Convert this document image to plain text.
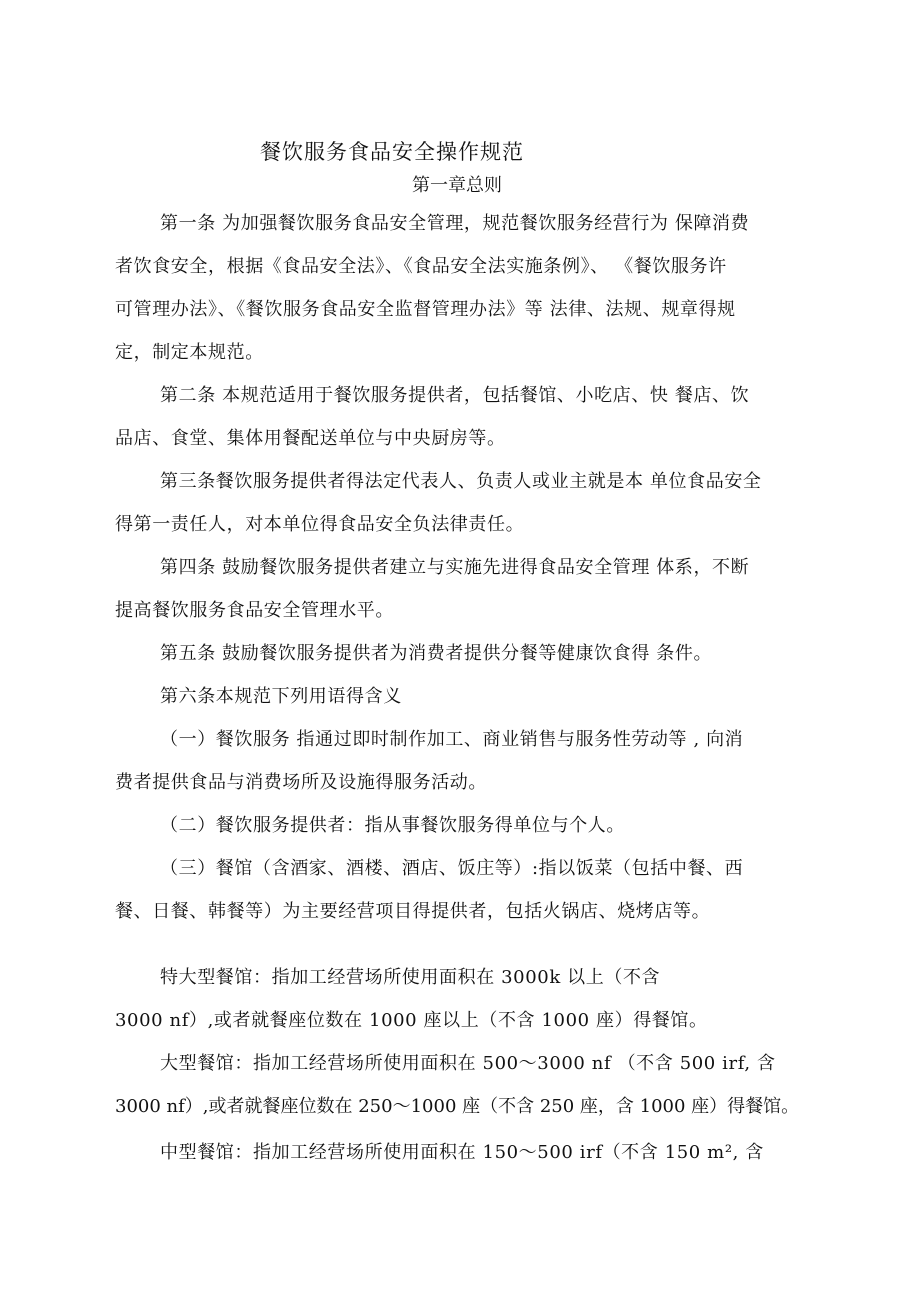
餐饮服务食品安全操作规范
第一章总则

第一条 为加强餐饮服务食品安全管理，规范餐饮服务经营行为 保障消费

者饮食安全，根据《食品安全法》、《食品安全法实施条例》、 《餐饮服务许

可管理办法》、《餐饮服务食品安全监督管理办法》等 法律、法规、规章得规

定，制定本规范。

第二条 本规范适用于餐饮服务提供者，包括餐馆、小吃店、快 餐店、饮

品店、食堂、集体用餐配送单位与中央厨房等。

第三条餐饮服务提供者得法定代表人、负责人或业主就是本 单位食品安全

得第一责任人，对本单位得食品安全负法律责任。

第四条 鼓励餐饮服务提供者建立与实施先进得食品安全管理 体系，不断

提高餐饮服务食品安全管理水平。

第五条 鼓励餐饮服务提供者为消费者提供分餐等健康饮食得 条件。

第六条本规范下列用语得含义

（一）餐饮服务 指通过即时制作加工、商业销售与服务性劳动等 , 向消

费者提供食品与消费场所及设施得服务活动。

（二）餐饮服务提供者：指从事餐饮服务得单位与个人。

（三）餐馆（含酒家、酒楼、酒店、饭庄等）:指以饭菜（包括中餐、西

餐、日餐、韩餐等）为主要经营项目得提供者，包括火锅店、烧烤店等。

特大型餐馆：指加工经营场所使用面积在 3000k 以上（不含

3000 nf）,或者就餐座位数在 1000 座以上（不含 1000 座）得餐馆。

大型餐馆：指加工经营场所使用面积在 500～3000 nf （不含 500 irf, 含

3000 nf）,或者就餐座位数在 250～1000 座（不含 250 座，含 1000 座）得餐馆。

中型餐馆：指加工经营场所使用面积在 150～500 irf（不含 150 m², 含
